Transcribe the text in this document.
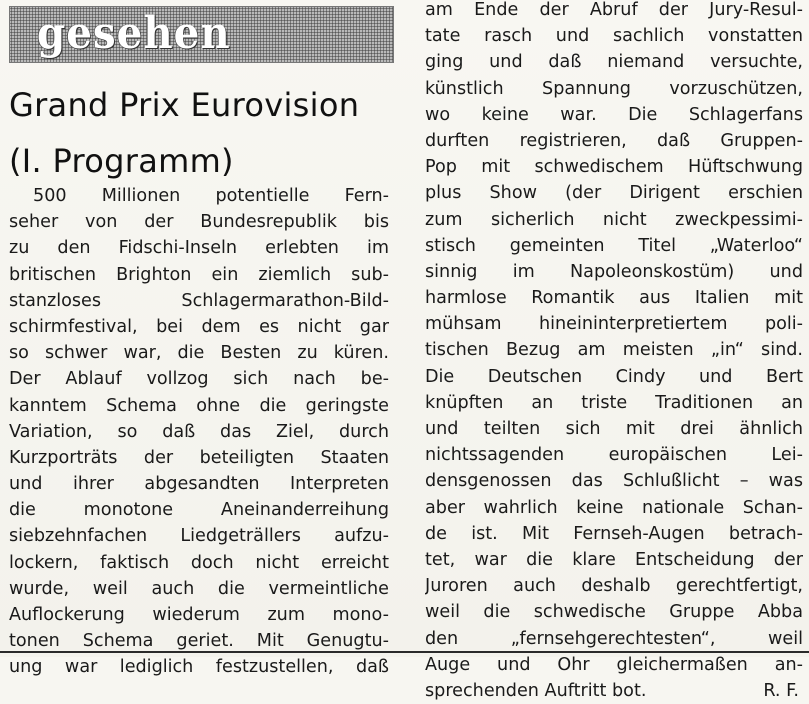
gesehen
Grand Prix Eurovision
(I. Programm)
500 Millionen potentielle Fern-
seher von der Bundesrepublik bis
zu den Fidschi-Inseln erlebten im
britischen Brighton ein ziemlich sub-
stanzloses Schlagermarathon-Bild-
schirmfestival, bei dem es nicht gar
so schwer war, die Besten zu küren.
Der Ablauf vollzog sich nach be-
kanntem Schema ohne die geringste
Variation, so daß das Ziel, durch
Kurzporträts der beteiligten Staaten
und ihrer abgesandten Interpreten
die monotone Aneinanderreihung
siebzehnfachen Liedgeträllers aufzu-
lockern, faktisch doch nicht erreicht
wurde, weil auch die vermeintliche
Auflockerung wiederum zum mono-
tonen Schema geriet. Mit Genugtu-
ung war lediglich festzustellen, daß
am Ende der Abruf der Jury-Resul-
tate rasch und sachlich vonstatten
ging und daß niemand versuchte,
künstlich Spannung vorzuschützen,
wo keine war. Die Schlagerfans
durften registrieren, daß Gruppen-
Pop mit schwedischem Hüftschwung
plus Show (der Dirigent erschien
zum sicherlich nicht zweckpessimi-
stisch gemeinten Titel „Waterloo“
sinnig im Napoleonskostüm) und
harmlose Romantik aus Italien mit
mühsam hineininterpretiertem poli-
tischen Bezug am meisten „in“ sind.
Die Deutschen Cindy und Bert
knüpften an triste Traditionen an
und teilten sich mit drei ähnlich
nichtssagenden europäischen Lei-
densgenossen das Schlußlicht – was
aber wahrlich keine nationale Schan-
de ist. Mit Fernseh-Augen betrach-
tet, war die klare Entscheidung der
Juroren auch deshalb gerechtfertigt,
weil die schwedische Gruppe Abba
den „fernsehgerechtesten“, weil
Auge und Ohr gleichermaßen an-
sprechenden Auftritt bot.	R. F.
